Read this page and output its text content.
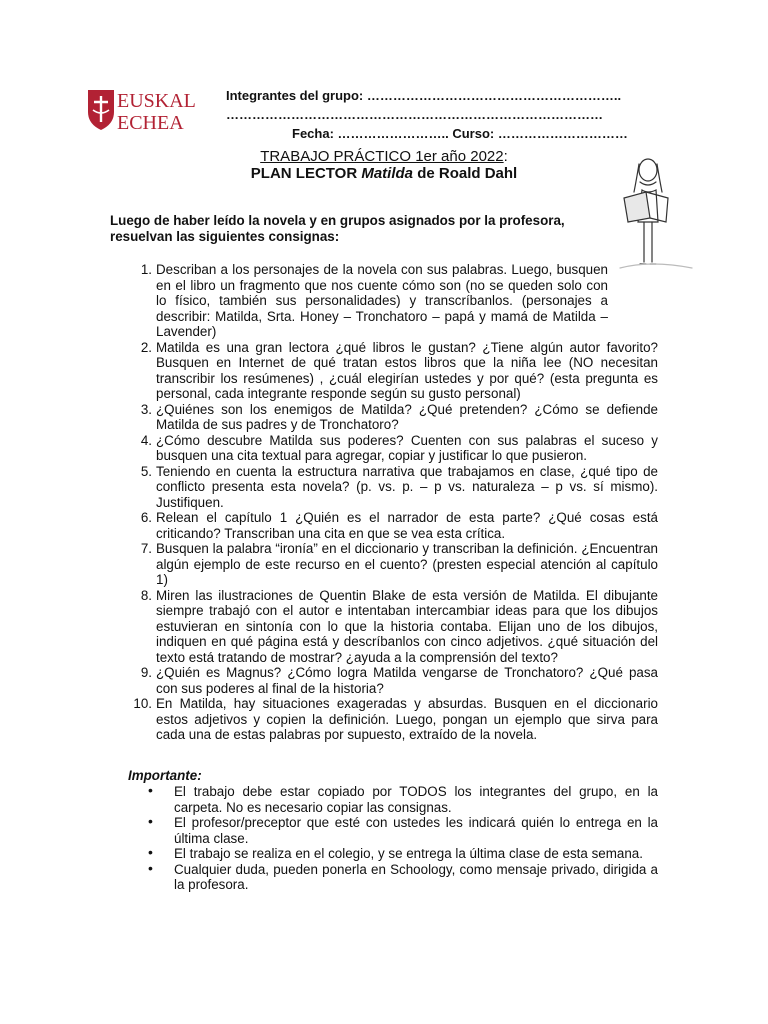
EUSKAL
ECHEA
Integrantes del grupo: …………………………………………………..
……………………………………………………………………………
Fecha: …………………….. Curso: …………………………
TRABAJO PRÁCTICO 1er año 2022:
PLAN LECTOR Matilda de Roald Dahl
Luego de haber leído la novela y en grupos asignados por la profesora, resuelvan las siguientes consignas:
1. Describan a los personajes de la novela con sus palabras. Luego, busquen en el libro un fragmento que nos cuente cómo son (no se queden solo con lo físico, también sus personalidades) y transcríbanlos. (personajes a describir: Matilda, Srta. Honey – Tronchatoro – papá y mamá de Matilda – Lavender)
2. Matilda es una gran lectora ¿qué libros le gustan? ¿Tiene algún autor favorito? Busquen en Internet de qué tratan estos libros que la niña lee (NO necesitan transcribir los resúmenes) , ¿cuál elegirían ustedes y por qué? (esta pregunta es personal, cada integrante responde según su gusto personal)
3. ¿Quiénes son los enemigos de Matilda? ¿Qué pretenden? ¿Cómo se defiende Matilda de sus padres y de Tronchatoro?
4. ¿Cómo descubre Matilda sus poderes? Cuenten con sus palabras el suceso y busquen una cita textual para agregar, copiar y justificar lo que pusieron.
5. Teniendo en cuenta la estructura narrativa que trabajamos en clase, ¿qué tipo de conflicto presenta esta novela? (p. vs. p. – p vs. naturaleza – p vs. sí mismo). Justifiquen.
6. Relean el capítulo 1 ¿Quién es el narrador de esta parte? ¿Qué cosas está criticando? Transcriban una cita en que se vea esta crítica.
7. Busquen la palabra “ironía” en el diccionario y transcriban la definición. ¿Encuentran algún ejemplo de este recurso en el cuento? (presten especial atención al capítulo 1)
8. Miren las ilustraciones de Quentin Blake de esta versión de Matilda. El dibujante siempre trabajó con el autor e intentaban intercambiar ideas para que los dibujos estuvieran en sintonía con lo que la historia contaba. Elijan uno de los dibujos, indiquen en qué página está y descríbanlos con cinco adjetivos. ¿qué situación del texto está tratando de mostrar? ¿ayuda a la comprensión del texto?
9. ¿Quién es Magnus? ¿Cómo logra Matilda vengarse de Tronchatoro? ¿Qué pasa con sus poderes al final de la historia?
10. En Matilda, hay situaciones exageradas y absurdas. Busquen en el diccionario estos adjetivos y copien la definición. Luego, pongan un ejemplo que sirva para cada una de estas palabras por supuesto, extraído de la novela.
Importante:
• El trabajo debe estar copiado por TODOS los integrantes del grupo, en la carpeta. No es necesario copiar las consignas.
• El profesor/preceptor que esté con ustedes les indicará quién lo entrega en la última clase.
• El trabajo se realiza en el colegio, y se entrega la última clase de esta semana.
• Cualquier duda, pueden ponerla en Schoology, como mensaje privado, dirigida a la profesora.
